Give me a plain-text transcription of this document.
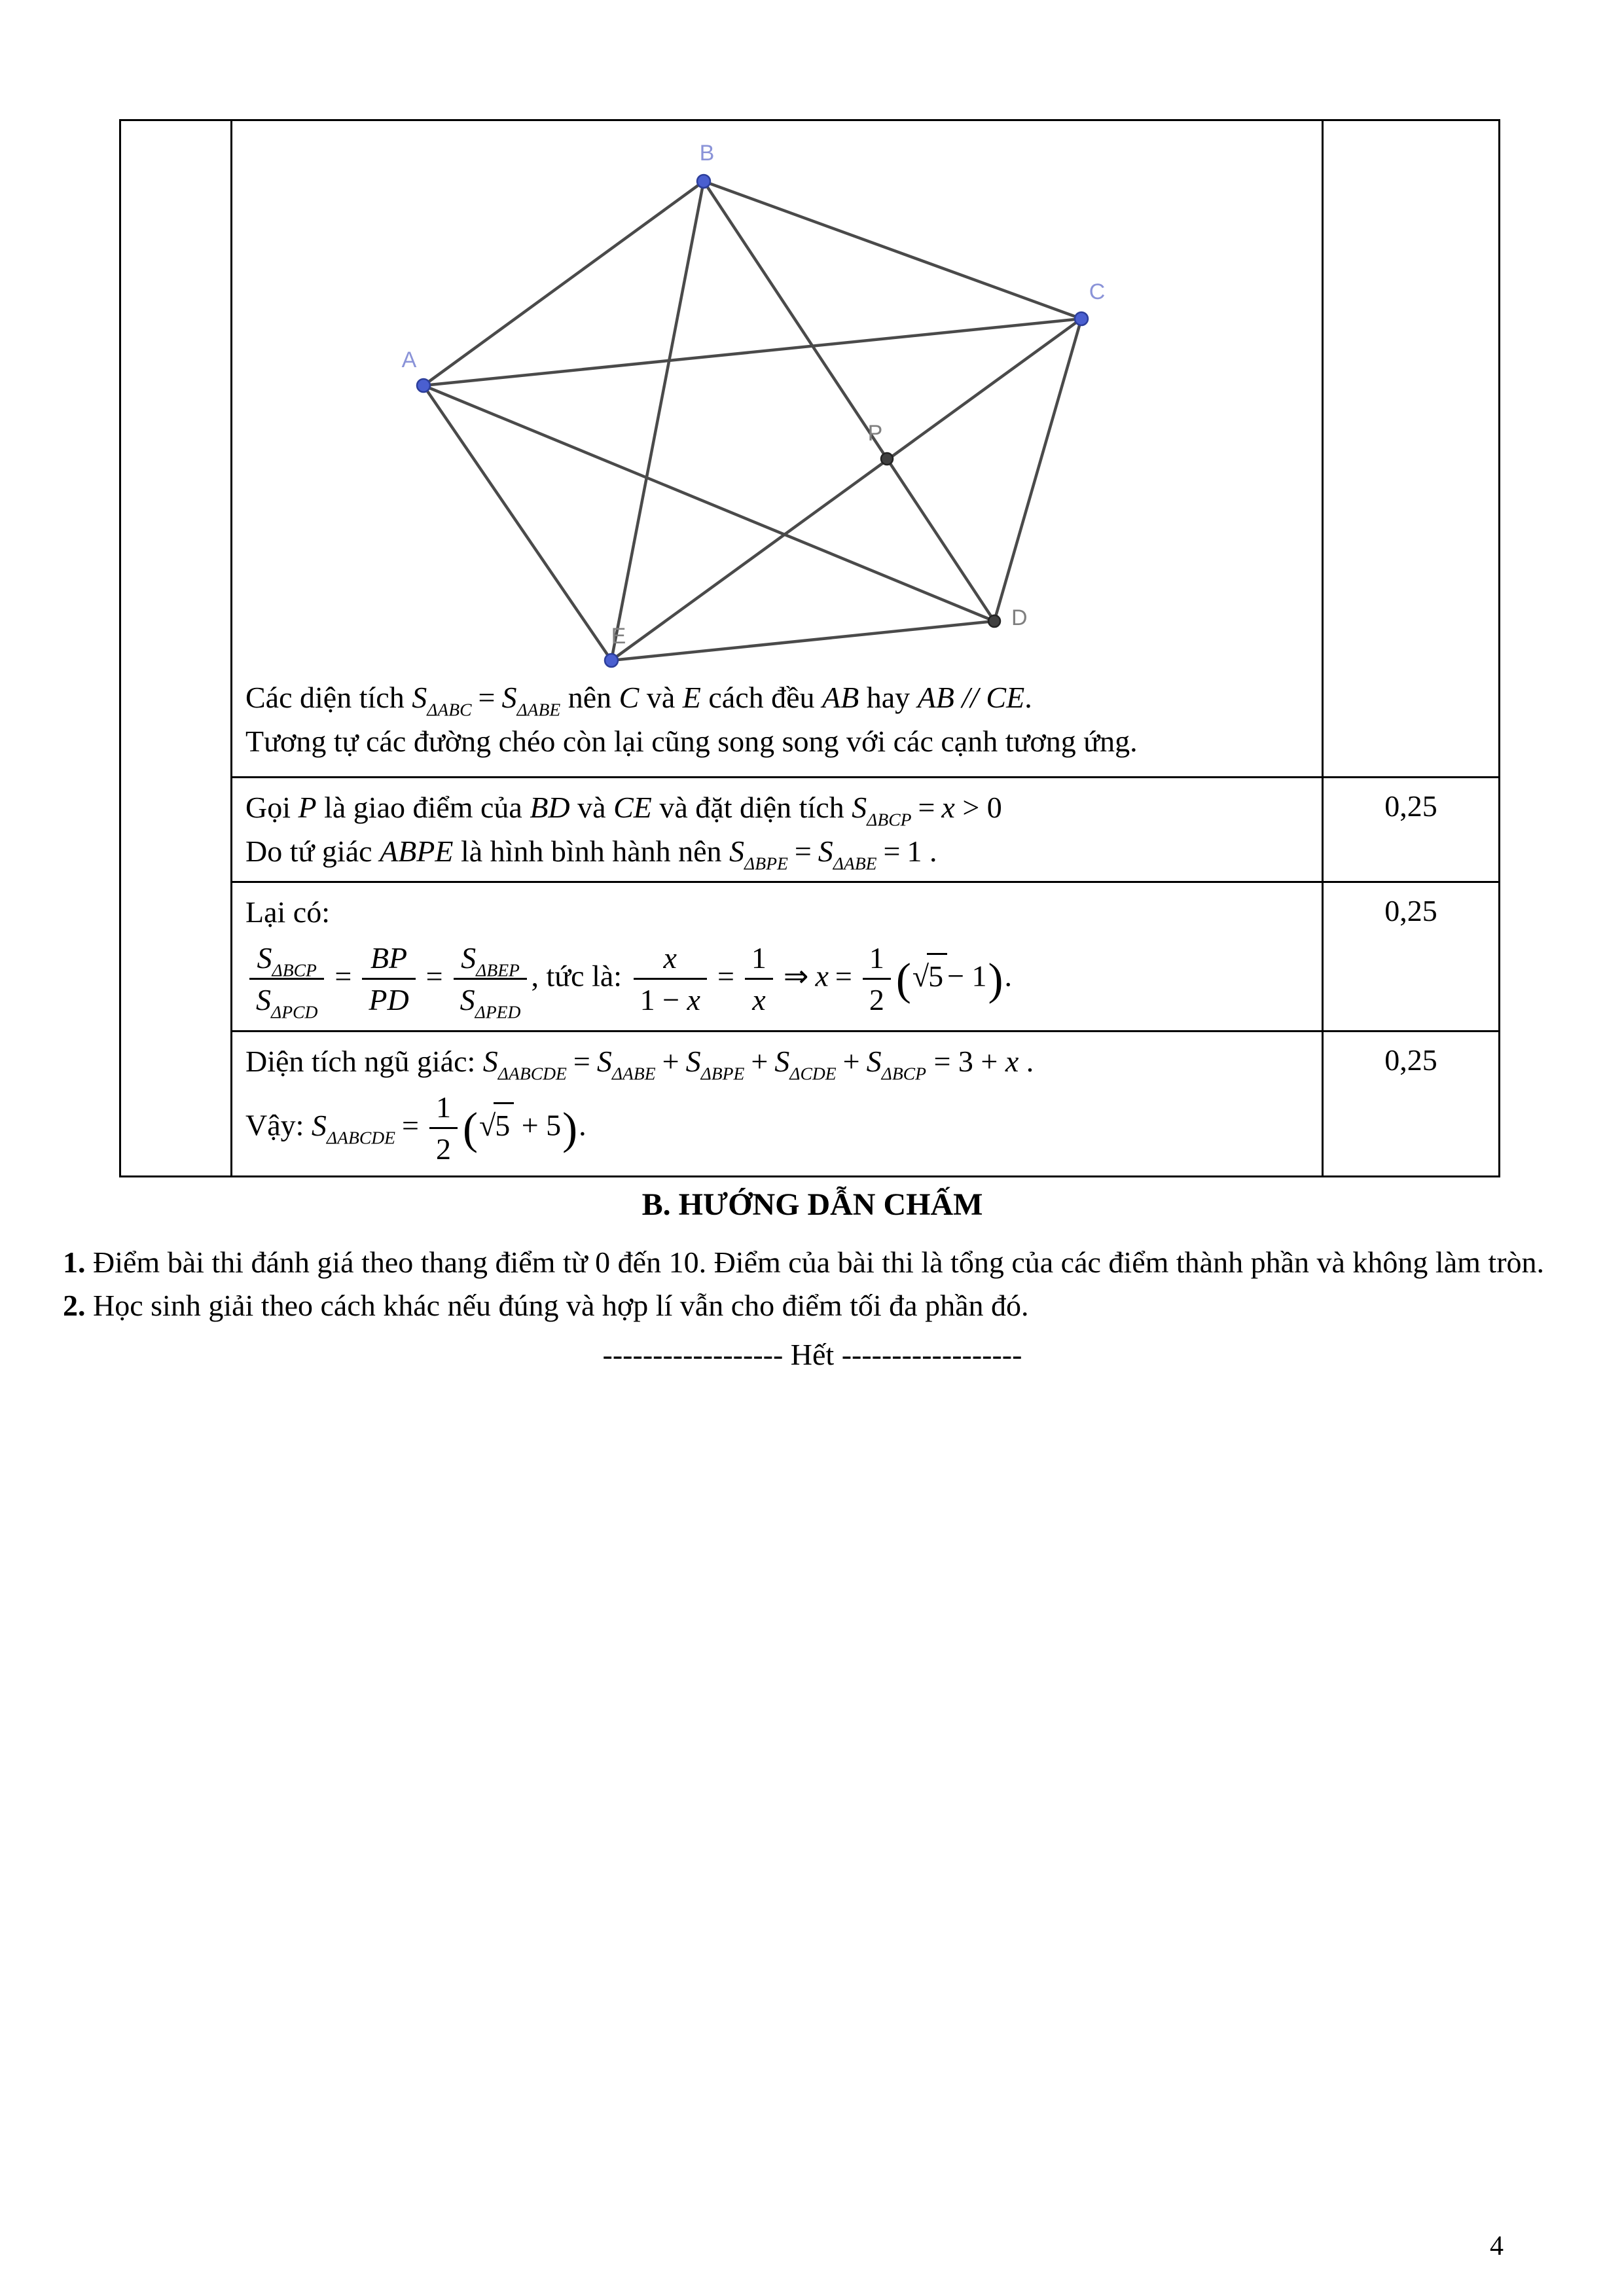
A
B
C
D
E
P
Các diện tích $S_{\Delta ABC} = S_{\Delta ABE}$ nên C và E cách đều AB hay AB // CE.
Tương tự các đường chéo còn lại cũng song song với các cạnh tương ứng.

	Gọi P là giao điểm của BD và CE và đặt diện tích $S_{\Delta BCP} = x > 0$
Do tứ giác ABPE là hình bình hành nên $S_{\Delta BPE} = S_{\Delta ABE} = 1$ .	0,25

Lại có:
$\frac{S_{\Delta BCP}}{S_{\Delta PCD}} = \frac{BP}{PD} = \frac{S_{\Delta BEP}}{S_{\Delta PED}}$ , tức là: $\frac{x}{1 - x} = \frac{1}{x}$ ⇒ $x = \frac{1}{2} (√5 - 1)$.
	0,25

	Diện tích ngũ giác: $S_{\Delta ABCDE} = S_{\Delta ABE} + S_{\Delta BPE} + S_{\Delta CDE} + S_{\Delta BCP} = 3 + x$ .
Vậy: $S_{\Delta ABCDE} = \frac{1}{2} (√5 + 5)$.	0,25
B. HƯỚNG DẪN CHẤM

1. Điểm bài thi đánh giá theo thang điểm từ 0 đến 10. Điểm của bài thi là tổng của các điểm thành phần và không làm tròn.

2. Học sinh giải theo cách khác nếu đúng và hợp lí vẫn cho điểm tối đa phần đó.

------------------ Hết ------------------
4
